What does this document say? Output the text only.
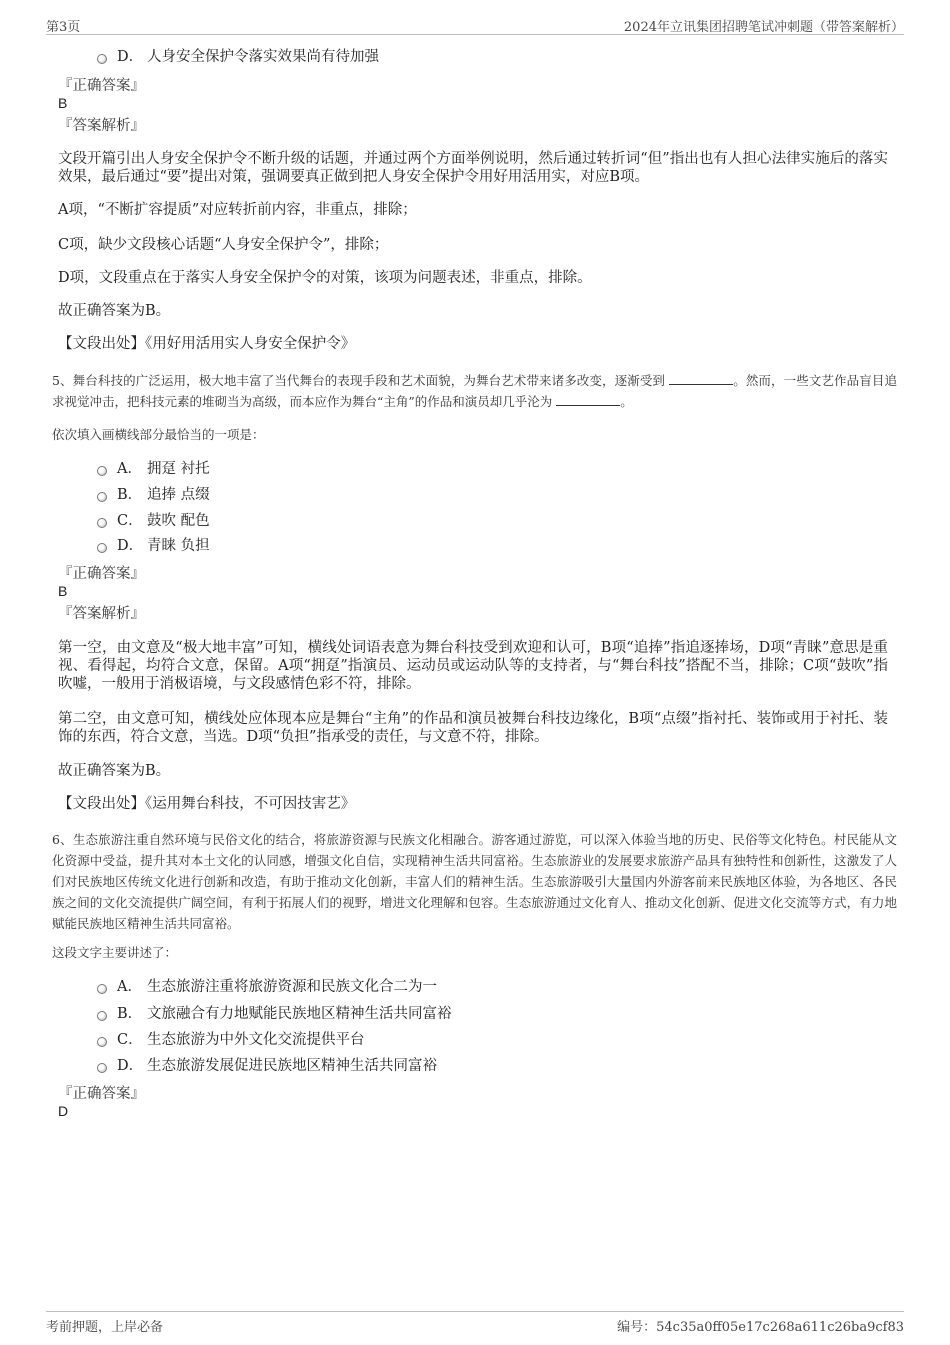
第3页	2024年立讯集团招聘笔试冲刺题（带答案解析）
D． 人身安全保护令落实效果尚有待加强
『正确答案』
B
『答案解析』
文段开篇引出人身安全保护令不断升级的话题，并通过两个方面举例说明，然后通过转折词“但”指出也有人担心法律实施后的落实效果，最后通过“要”提出对策，强调要真正做到把人身安全保护令用好用活用实，对应B项。
A项，“不断扩容提质”对应转折前内容，非重点，排除；
C项，缺少文段核心话题“人身安全保护令”，排除；
D项，文段重点在于落实人身安全保护令的对策，该项为问题表述，非重点，排除。
故正确答案为B。
【文段出处】《用好用活用实人身安全保护令》
5、舞台科技的广泛运用，极大地丰富了当代舞台的表现手段和艺术面貌，为舞台艺术带来诸多改变，逐渐受到	。然而，一些文艺作品盲目追求视觉冲击，把科技元素的堆砌当为高级，而本应作为舞台“主角”的作品和演员却几乎沦为	。
依次填入画横线部分最恰当的一项是：
A． 拥趸 衬托
B． 追捧 点缀
C． 鼓吹 配色
D． 青睐 负担
『正确答案』
B
『答案解析』
第一空，由文意及“极大地丰富”可知，横线处词语表意为舞台科技受到欢迎和认可，B项“追捧”指追逐捧场，D项“青睐”意思是重视、看得起，均符合文意，保留。A项“拥趸”指演员、运动员或运动队等的支持者，与“舞台科技”搭配不当，排除；C项“鼓吹”指吹嘘，一般用于消极语境，与文段感情色彩不符，排除。
第二空，由文意可知，横线处应体现本应是舞台“主角”的作品和演员被舞台科技边缘化，B项“点缀”指衬托、装饰或用于衬托、装饰的东西，符合文意，当选。D项“负担”指承受的责任，与文意不符，排除。
故正确答案为B。
【文段出处】《运用舞台科技，不可因技害艺》
6、生态旅游注重自然环境与民俗文化的结合，将旅游资源与民族文化相融合。游客通过游览，可以深入体验当地的历史、民俗等文化特色。村民能从文化资源中受益，提升其对本土文化的认同感，增强文化自信，实现精神生活共同富裕。生态旅游业的发展要求旅游产品具有独特性和创新性，这激发了人们对民族地区传统文化进行创新和改造，有助于推动文化创新，丰富人们的精神生活。生态旅游吸引大量国内外游客前来民族地区体验，为各地区、各民族之间的文化交流提供广阔空间，有利于拓展人们的视野，增进文化理解和包容。生态旅游通过文化育人、推动文化创新、促进文化交流等方式，有力地赋能民族地区精神生活共同富裕。
这段文字主要讲述了：
A． 生态旅游注重将旅游资源和民族文化合二为一
B． 文旅融合有力地赋能民族地区精神生活共同富裕
C． 生态旅游为中外文化交流提供平台
D． 生态旅游发展促进民族地区精神生活共同富裕
『正确答案』
D
考前押题，上岸必备	编号：54c35a0ff05e17c268a611c26ba9cf83
